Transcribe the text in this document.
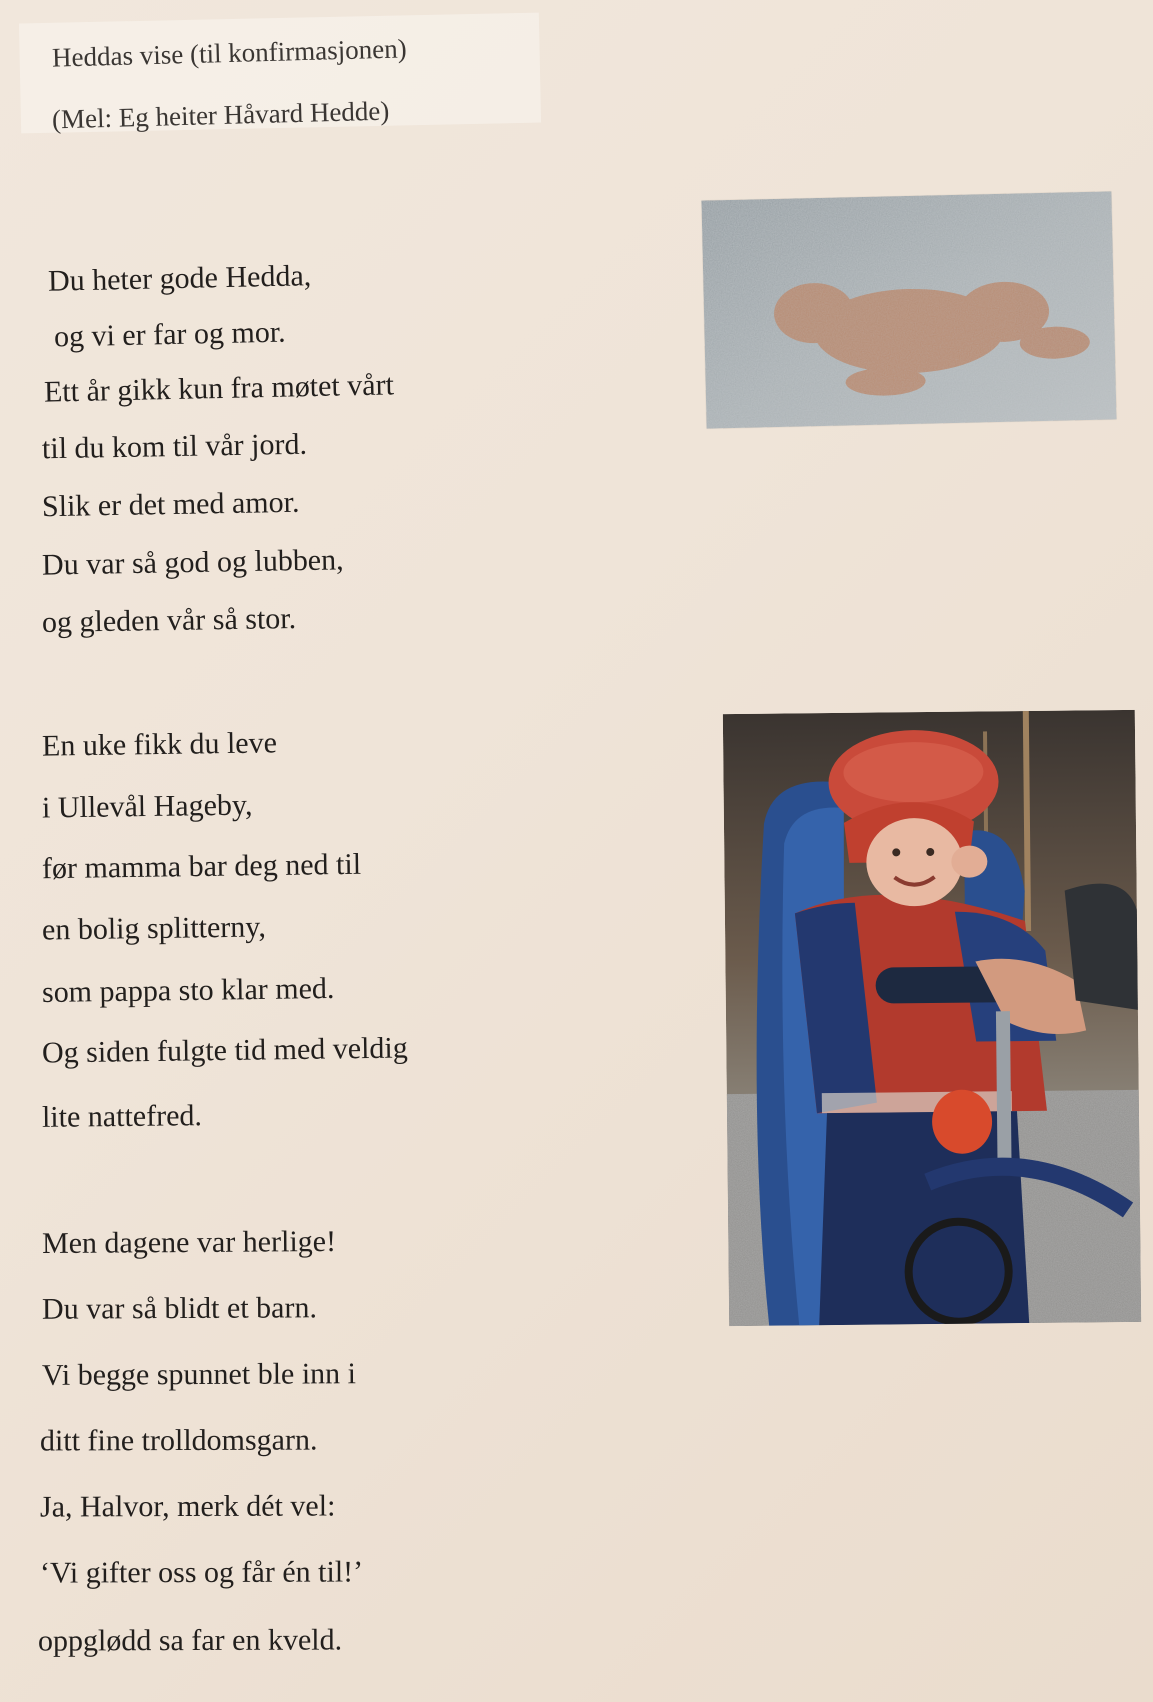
Heddas vise (til konfirmasjonen)
(Mel: Eg heiter Håvard Hedde)
Du heter gode Hedda,
og vi er far og mor.
Ett år gikk kun fra møtet vårt
til du kom til vår jord.
Slik er det med amor.
Du var så god og lubben,
og gleden vår så stor.
En uke fikk du leve
i Ullevål Hageby,
før mamma bar deg ned til
en bolig splitterny,
som pappa sto klar med.
Og siden fulgte tid med veldig
lite nattefred.
Men dagene var herlige!
Du var så blidt et barn.
Vi begge spunnet ble inn i
ditt fine trolldomsgarn.
Ja, Halvor, merk dét vel:
‘Vi gifter oss og får én til!’
oppglødd sa far en kveld.
